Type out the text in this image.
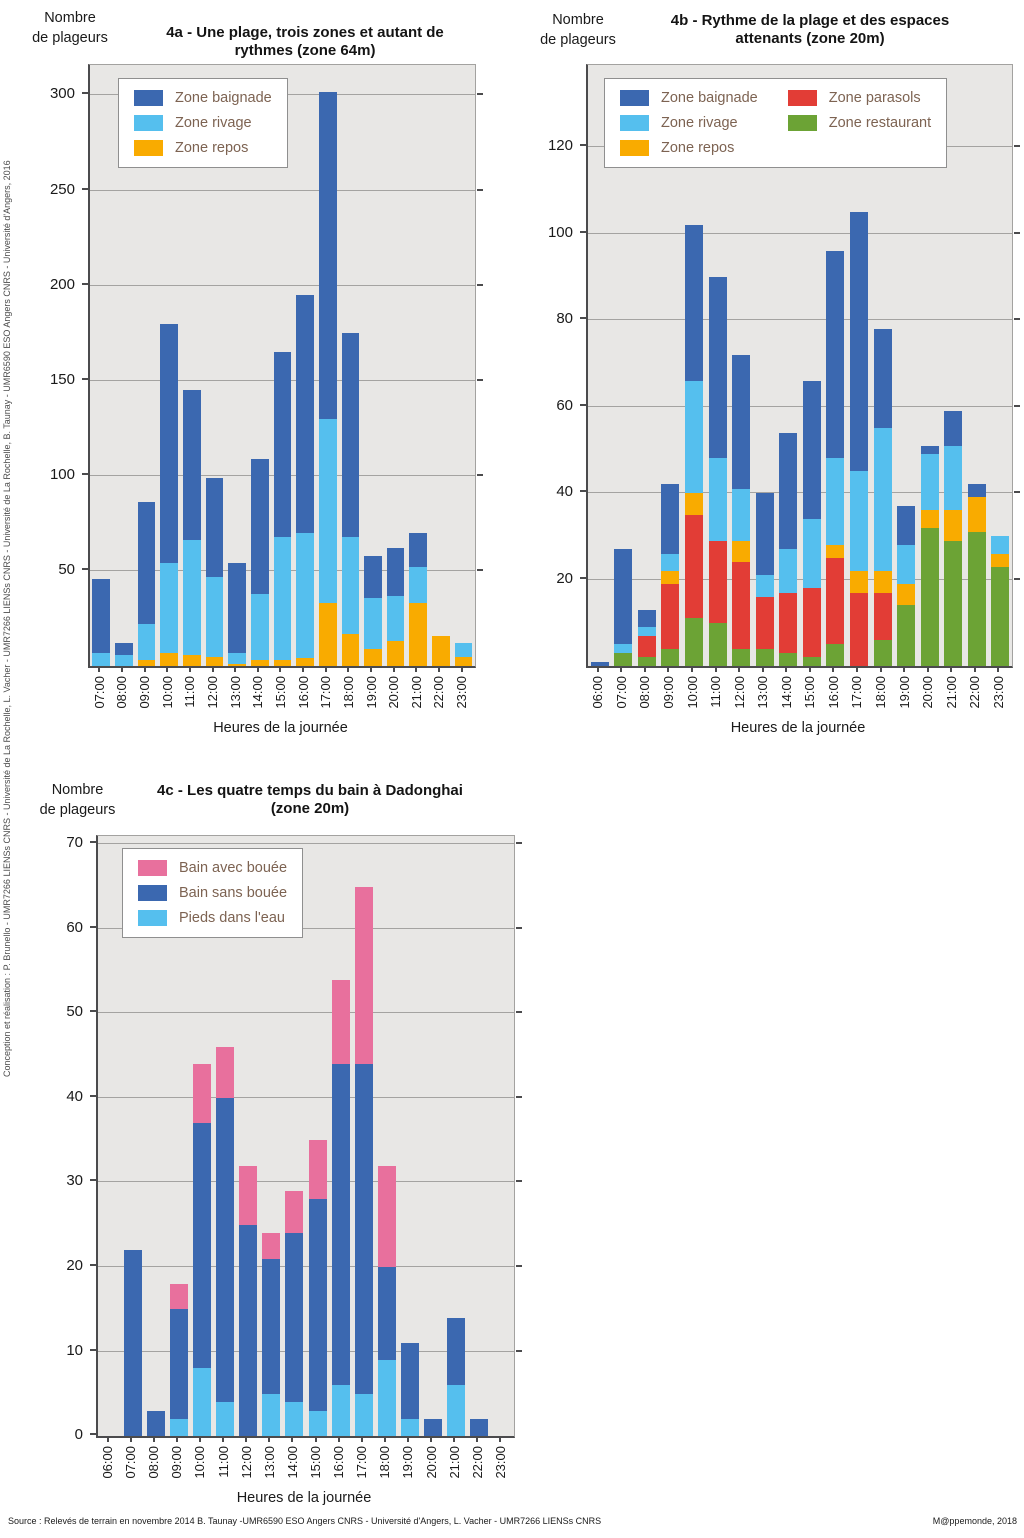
Conception et réalisation : P. Brunello - UMR7266 LIENSs CNRS - Université de La Rochelle, L. Vacher - UMR7266 LIENSs CNRS - Université de La Rochelle, B. Taunay - UMR6590 ESO Angers CNRS - Université d'Angers, 2016
Nombre
de plageurs	4a - Une plage, trois zones et autant de
rythmes (zone 64m)
50
100
150
200
250
300
07:00 08:00 09:00 10:00 11:00 12:00 13:00 14:00 15:00 16:00 17:00 18:00 19:00 20:00 21:00 22:00 23:00
Zone baignade
Zone rivage
Zone repos
Heures de la journée
Nombre
de plageurs
4b - Rythme de la plage et des espaces
attenants (zone 20m)
20
40
60
80
100
120
06:00 07:00 08:00 09:00 10:00 11:00 12:00 13:00 14:00 15:00 16:00 17:00 18:00 19:00 20:00 21:00 22:00 23:00
Zone baignade
Zone rivage
Zone repos
Zone parasols
Zone restaurant
Heures de la journée
Nombre
de plageurs
4c - Les quatre temps du bain à Dadonghai
(zone 20m)
0
10
20
30
40
50
60
70
06:00 07:00 08:00 09:00 10:00 11:00 12:00 13:00 14:00 15:00 16:00 17:00 18:00 19:00 20:00 21:00 22:00 23:00
Bain avec bouée
Bain sans bouée
Pieds dans l'eau
Heures de la journée
Source : Relevés de terrain en novembre 2014 B. Taunay -UMR6590 ESO Angers CNRS - Université d'Angers, L. Vacher - UMR7266 LIENSs CNRS	M@ppemonde, 2018
